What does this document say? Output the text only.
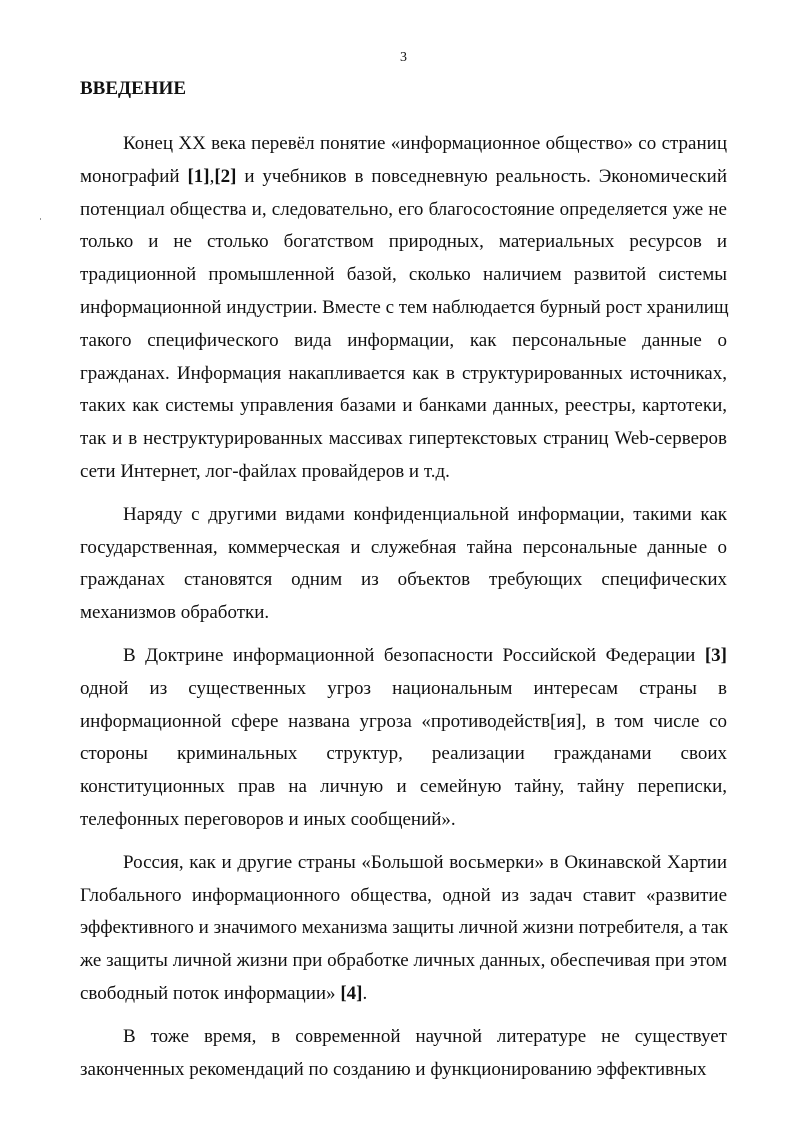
3
ВВЕДЕНИЕ
Конец ХХ века перевёл понятие «информационное общество» со страниц
монографий [1],[2] и учебников в повседневную реальность. Экономический
потенциал общества и, следовательно, его благосостояние определяется уже не
только и не столько богатством природных, материальных ресурсов и
традиционной промышленной базой, сколько наличием развитой системы
информационной индустрии. Вместе с тем наблюдается бурный рост хранилищ
такого специфического вида информации, как персональные данные о
гражданах. Информация накапливается как в структурированных источниках,
таких как системы управления базами и банками данных, реестры, картотеки,
так и в неструктурированных массивах гипертекстовых страниц Web-серверов
сети Интернет, лог-файлах провайдеров и т.д.
Наряду с другими видами конфиденциальной информации, такими как
государственная, коммерческая и служебная тайна персональные данные о
гражданах становятся одним из объектов требующих специфических
механизмов обработки.
В Доктрине информационной безопасности Российской Федерации [3]
одной из существенных угроз национальным интересам страны в
информационной сфере названа угроза «противодейств[ия], в том числе со
стороны криминальных структур, реализации гражданами своих
конституционных прав на личную и семейную тайну, тайну переписки,
телефонных переговоров и иных сообщений».
Россия, как и другие страны «Большой восьмерки» в Окинавской Хартии
Глобального информационного общества, одной из задач ставит «развитие
эффективного и значимого механизма защиты личной жизни потребителя, а так
же защиты личной жизни при обработке личных данных, обеспечивая при этом
свободный поток информации» [4].
В тоже время, в современной научной литературе не существует
законченных рекомендаций по созданию и функционированию эффективных
